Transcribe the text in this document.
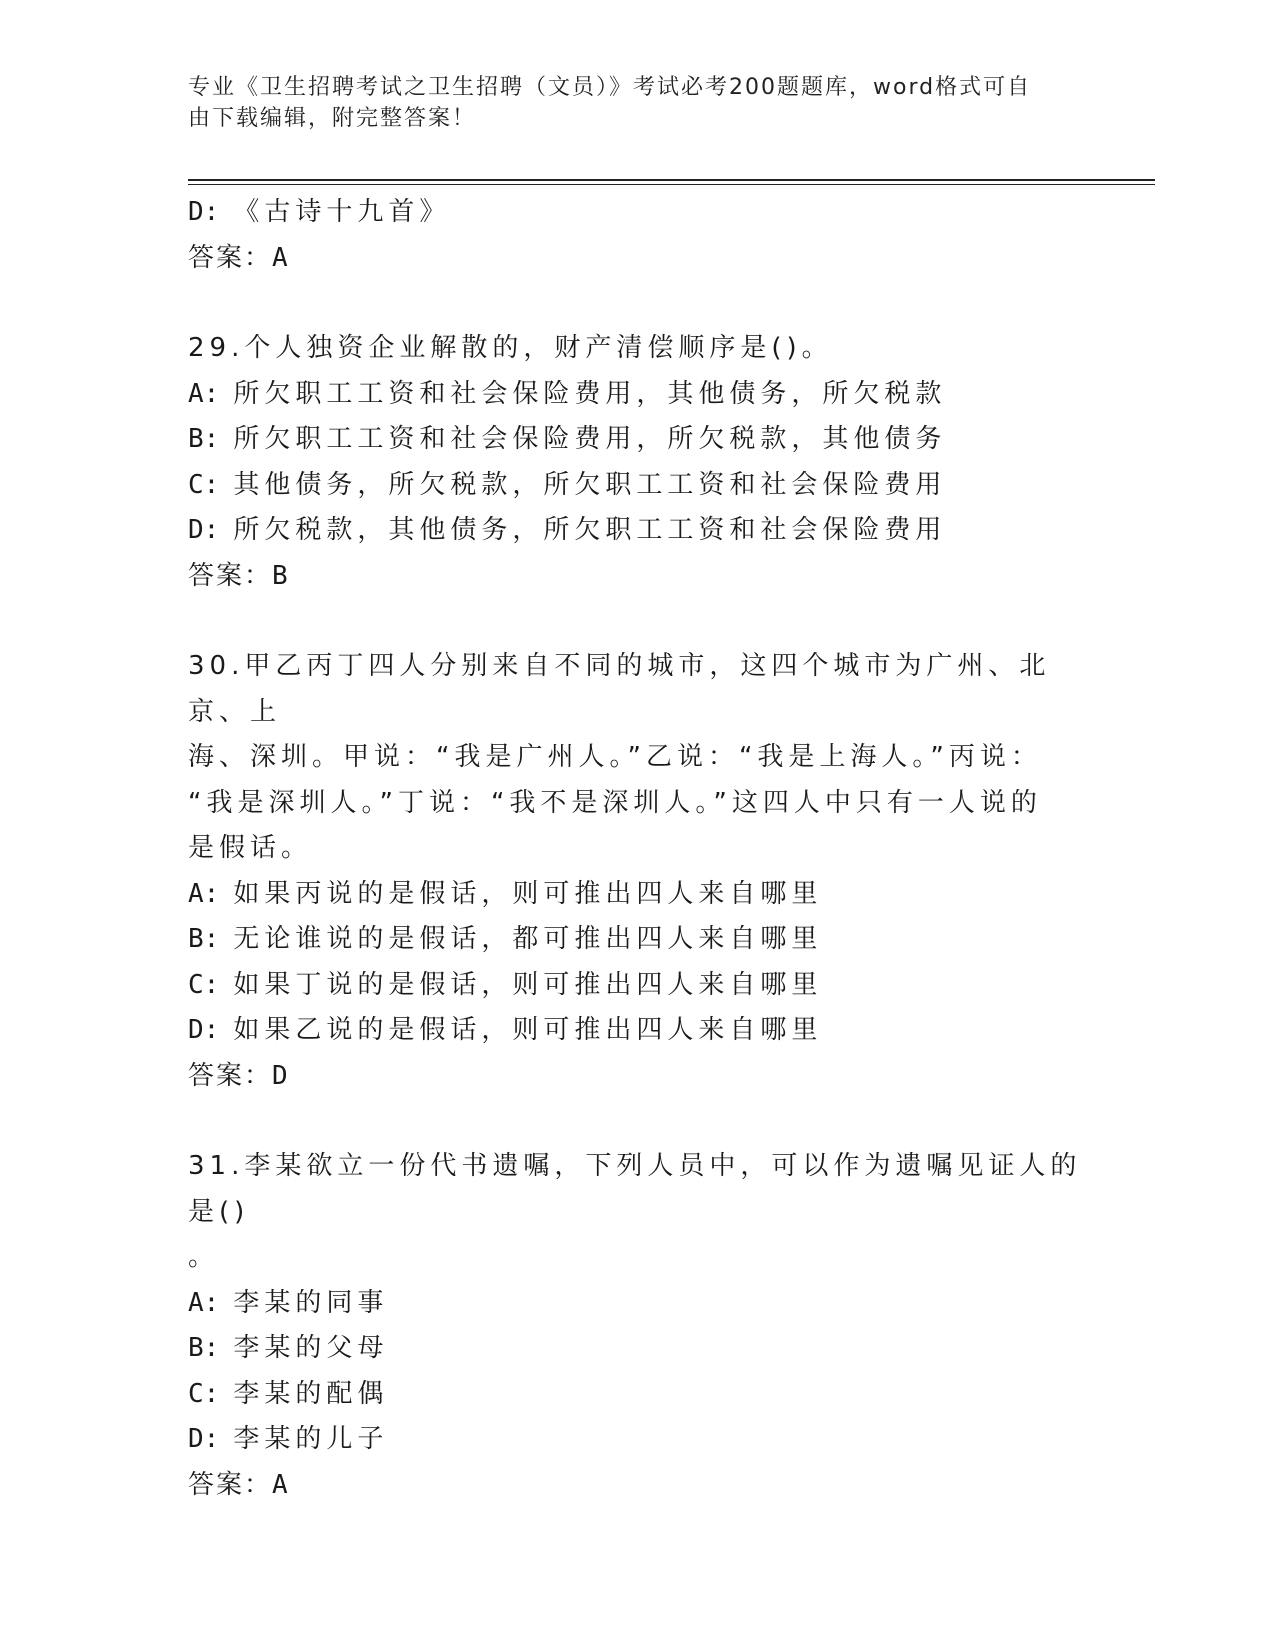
专业《卫生招聘考试之卫生招聘（文员）》考试必考200题题库，word格式可自
由下载编辑，附完整答案！
D: 《古诗十九首》
答案：A
29.个人独资企业解散的，财产清偿顺序是()。
A: 所欠职工工资和社会保险费用，其他债务，所欠税款
B: 所欠职工工资和社会保险费用，所欠税款，其他债务
C: 其他债务，所欠税款，所欠职工工资和社会保险费用
D: 所欠税款，其他债务，所欠职工工资和社会保险费用
答案：B
30.甲乙丙丁四人分别来自不同的城市，这四个城市为广州、北京、上
海、深圳。甲说：“我是广州人。”乙说：“我是上海人。”丙说：
“我是深圳人。”丁说：“我不是深圳人。”这四人中只有一人说的
是假话。
A: 如果丙说的是假话，则可推出四人来自哪里
B: 无论谁说的是假话，都可推出四人来自哪里
C: 如果丁说的是假话，则可推出四人来自哪里
D: 如果乙说的是假话，则可推出四人来自哪里
答案：D
31.李某欲立一份代书遗嘱，下列人员中，可以作为遗嘱见证人的是()
。
A: 李某的同事
B: 李某的父母
C: 李某的配偶
D: 李某的儿子
答案：A
